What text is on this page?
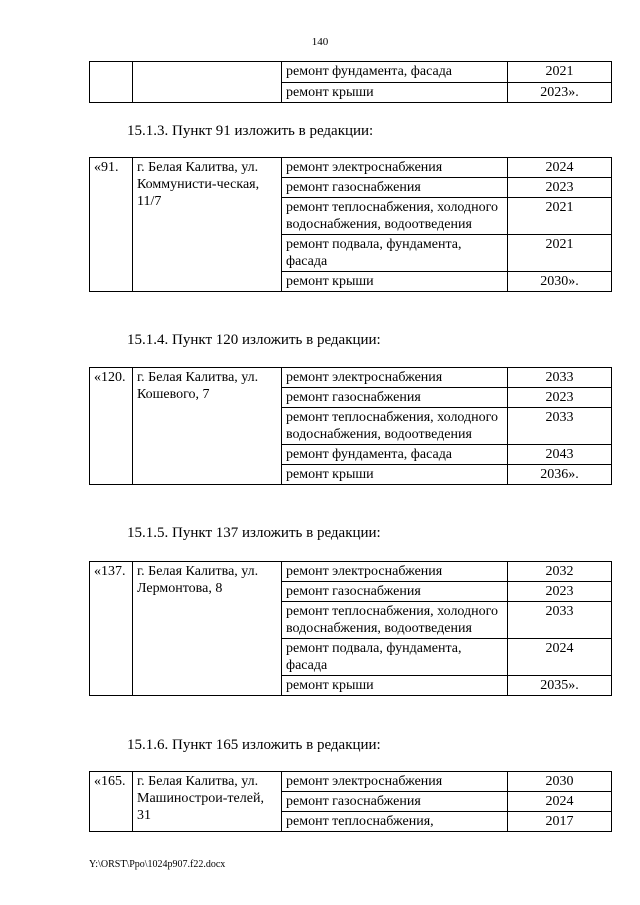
140
		ремонт фундамента, фасада	2021
		ремонт крыши	2023».
15.1.3. Пункт 91 изложить в редакции:
«91.	г. Белая Калитва, ул. Коммунисти-ческая, 11/7	ремонт электроснабжения	2024
		ремонт газоснабжения	2023
		ремонт теплоснабжения, холодного водоснабжения, водоотведения	2021
		ремонт подвала, фундамента, фасада	2021
		ремонт крыши	2030».
15.1.4. Пункт 120 изложить в редакции:
«120.	г. Белая Калитва, ул. Кошевого, 7	ремонт электроснабжения	2033
		ремонт газоснабжения	2023
		ремонт теплоснабжения, холодного водоснабжения, водоотведения	2033
		ремонт фундамента, фасада	2043
		ремонт крыши	2036».
15.1.5. Пункт 137 изложить в редакции:
«137.	г. Белая Калитва, ул. Лермонтова, 8	ремонт электроснабжения	2032
		ремонт газоснабжения	2023
		ремонт теплоснабжения, холодного водоснабжения, водоотведения	2033
		ремонт подвала, фундамента, фасада	2024
		ремонт крыши	2035».
15.1.6. Пункт 165 изложить в редакции:
«165.	г. Белая Калитва, ул. Машинострои-телей, 31	ремонт электроснабжения	2030
		ремонт газоснабжения	2024
		ремонт теплоснабжения,	2017
Y:\ORST\Ppo\1024p907.f22.docx
